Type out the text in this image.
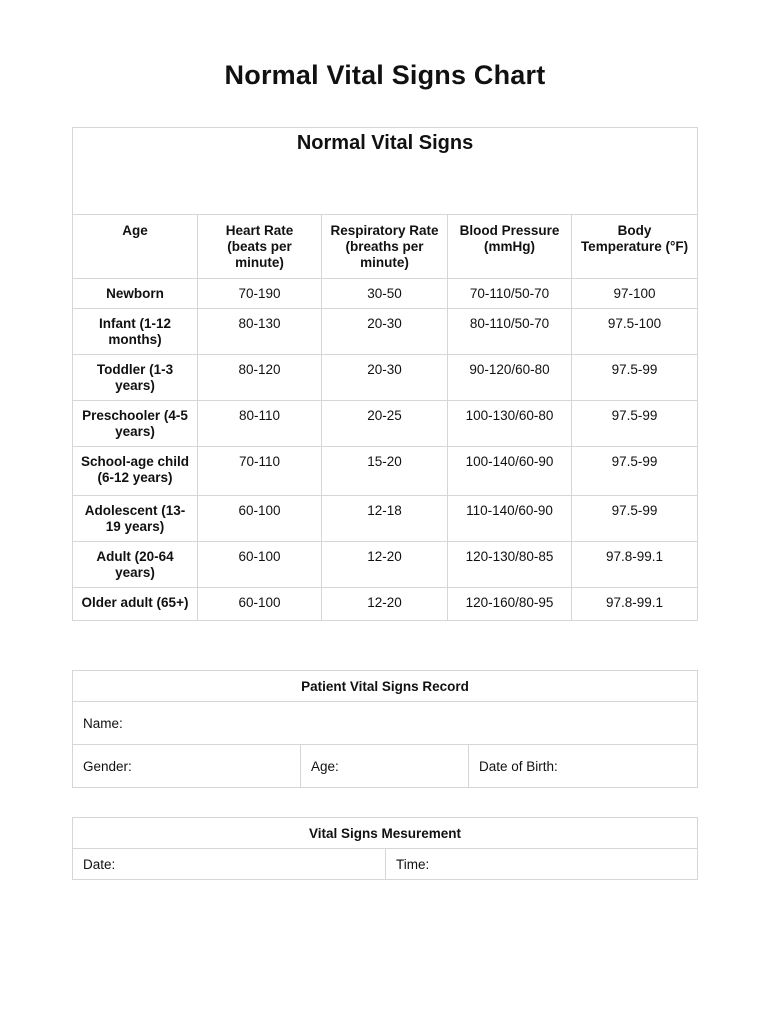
Normal Vital Signs Chart
Normal Vital Signs				
Age	Heart Rate (beats per minute)	Respiratory Rate (breaths per minute)	Blood Pressure (mmHg)	Body Temperature (°F)
Newborn	70-190	30-50	70-110/50-70	97-100
Infant (1-12 months)	80-130	20-30	80-110/50-70	97.5-100
Toddler (1-3 years)	80-120	20-30	90-120/60-80	97.5-99
Preschooler (4-5 years)	80-110	20-25	100-130/60-80	97.5-99
School-age child (6-12 years)	70-110	15-20	100-140/60-90	97.5-99
Adolescent (13-19 years)	60-100	12-18	110-140/60-90	97.5-99
Adult (20-64 years)	60-100	12-20	120-130/80-85	97.8-99.1
Older adult (65+)	60-100	12-20	120-160/80-95	97.8-99.1
Patient Vital Signs Record
Name:
Gender:	Age:	Date of Birth:
Vital Signs Mesurement
Date:	Time:
